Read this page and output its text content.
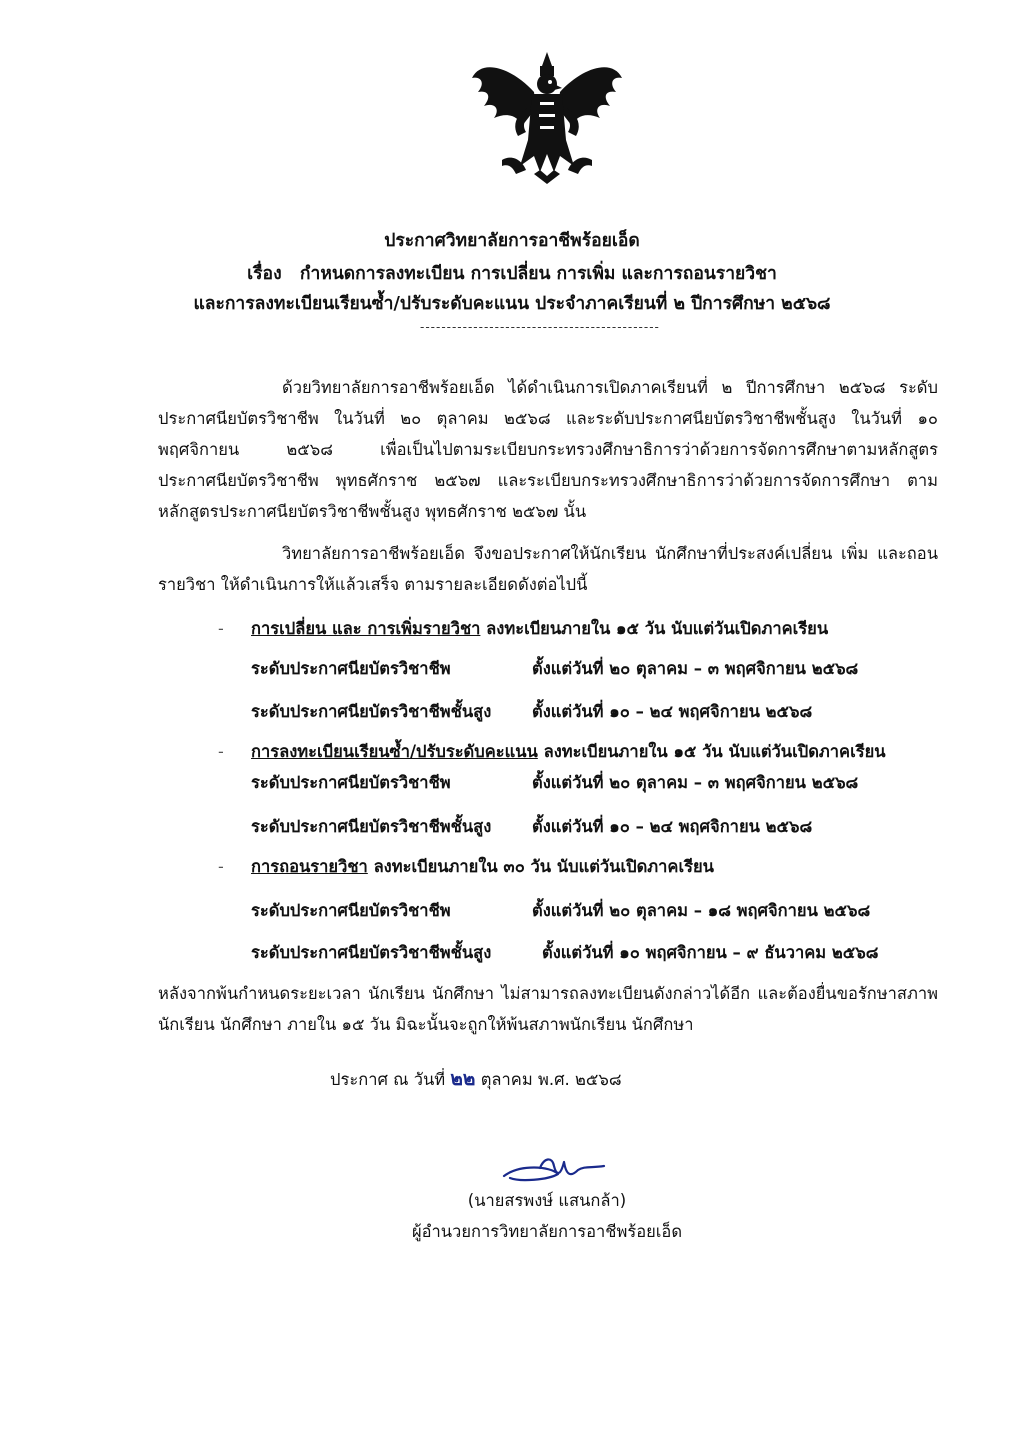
ประกาศวิทยาลัยการอาชีพร้อยเอ็ด
เรื่อง กำหนดการลงทะเบียน การเปลี่ยน การเพิ่ม และการถอนรายวิชา
และการลงทะเบียนเรียนซ้ำ/ปรับระดับคะแนน ประจำภาคเรียนที่ ๒ ปีการศึกษา ๒๕๖๘
---------------------------------------------
ด้วยวิทยาลัยการอาชีพร้อยเอ็ด ได้ดำเนินการเปิดภาคเรียนที่ ๒ ปีการศึกษา ๒๕๖๘ ระดับประกาศนียบัตรวิชาชีพ ในวันที่ ๒๐ ตุลาคม ๒๕๖๘ และระดับประกาศนียบัตรวิชาชีพชั้นสูง ในวันที่ ๑๐ พฤศจิกายน ๒๕๖๘ เพื่อเป็นไปตามระเบียบกระทรวงศึกษาธิการว่าด้วยการจัดการศึกษาตามหลักสูตรประกาศนียบัตรวิชาชีพ พุทธศักราช ๒๕๖๗ และระเบียบกระทรวงศึกษาธิการว่าด้วยการจัดการศึกษา ตามหลักสูตรประกาศนียบัตรวิชาชีพชั้นสูง พุทธศักราช ๒๕๖๗ นั้น
วิทยาลัยการอาชีพร้อยเอ็ด จึงขอประกาศให้นักเรียน นักศึกษาที่ประสงค์เปลี่ยน เพิ่ม และถอนรายวิชา ให้ดำเนินการให้แล้วเสร็จ ตามรายละเอียดดังต่อไปนี้
- การเปลี่ยน และ การเพิ่มรายวิชา ลงทะเบียนภายใน ๑๕ วัน นับแต่วันเปิดภาคเรียน
ระดับประกาศนียบัตรวิชาชีพ	ตั้งแต่วันที่ ๒๐ ตุลาคม – ๓ พฤศจิกายน ๒๕๖๘
ระดับประกาศนียบัตรวิชาชีพชั้นสูง ตั้งแต่วันที่ ๑๐ – ๒๔ พฤศจิกายน ๒๕๖๘
- การลงทะเบียนเรียนซ้ำ/ปรับระดับคะแนน ลงทะเบียนภายใน ๑๕ วัน นับแต่วันเปิดภาคเรียน
ระดับประกาศนียบัตรวิชาชีพ	ตั้งแต่วันที่ ๒๐ ตุลาคม – ๓ พฤศจิกายน ๒๕๖๘
ระดับประกาศนียบัตรวิชาชีพชั้นสูง ตั้งแต่วันที่ ๑๐ – ๒๔ พฤศจิกายน ๒๕๖๘
- การถอนรายวิชา ลงทะเบียนภายใน ๓๐ วัน นับแต่วันเปิดภาคเรียน
ระดับประกาศนียบัตรวิชาชีพ	ตั้งแต่วันที่ ๒๐ ตุลาคม – ๑๘ พฤศจิกายน ๒๕๖๘
ระดับประกาศนียบัตรวิชาชีพชั้นสูง	ตั้งแต่วันที่ ๑๐ พฤศจิกายน – ๙ ธันวาคม ๒๕๖๘
หลังจากพ้นกำหนดระยะเวลา นักเรียน นักศึกษา ไม่สามารถลงทะเบียนดังกล่าวได้อีก และต้องยื่นขอรักษาสภาพนักเรียน นักศึกษา ภายใน ๑๕ วัน มิฉะนั้นจะถูกให้พ้นสภาพนักเรียน นักศึกษา
ประกาศ ณ วันที่ ๒๒ ตุลาคม พ.ศ. ๒๕๖๘
(นายสรพงษ์ แสนกล้า)
ผู้อำนวยการวิทยาลัยการอาชีพร้อยเอ็ด
